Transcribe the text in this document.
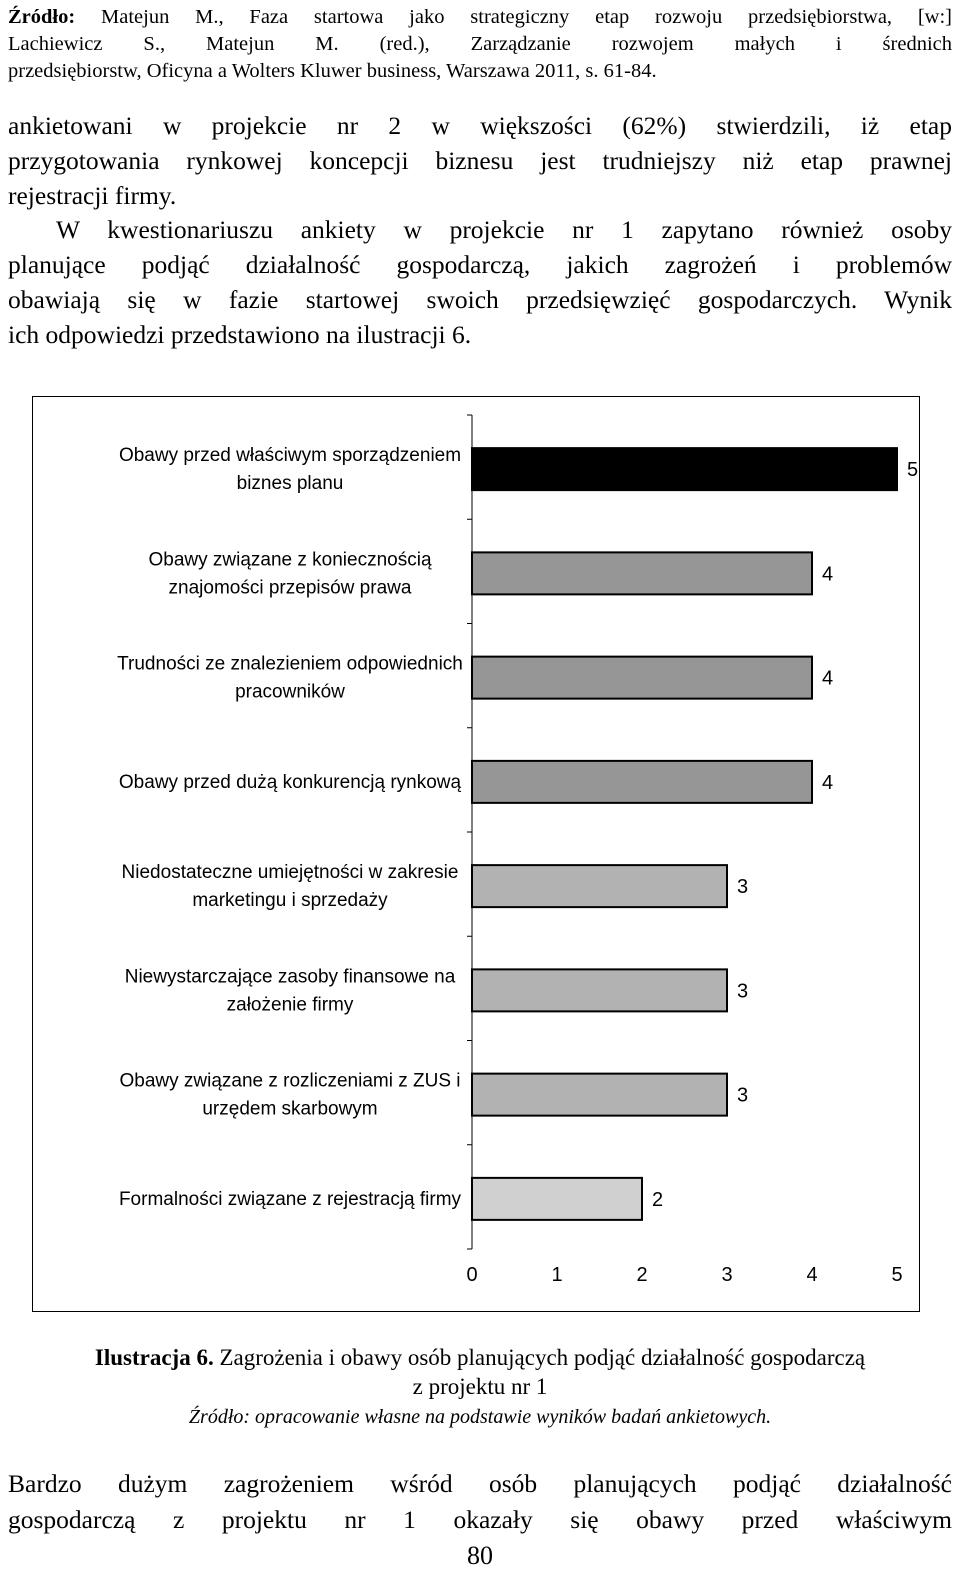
Źródło: Matejun M., Faza startowa jako strategiczny etap rozwoju przedsiębiorstwa, [w:]
Lachiewicz S., Matejun M. (red.), Zarządzanie rozwojem małych i średnich
przedsiębiorstw, Oficyna a Wolters Kluwer business, Warszawa 2011, s. 61-84.
ankietowani w projekcie nr 2 w większości (62%) stwierdzili, iż etap
przygotowania rynkowej koncepcji biznesu jest trudniejszy niż etap prawnej
rejestracji firmy.
W kwestionariuszu ankiety w projekcie nr 1 zapytano również osoby
planujące podjąć działalność gospodarczą, jakich zagrożeń i problemów
obawiają się w fazie startowej swoich przedsięwzięć gospodarczych. Wynik
ich odpowiedzi przedstawiono na ilustracji 6.
5
Obawy przed właściwym sporządzeniem
biznes planu
4
Obawy związane z koniecznością
znajomości przepisów prawa
4
Trudności ze znalezieniem odpowiednich
pracowników
4
Obawy przed dużą konkurencją rynkową
3
Niedostateczne umiejętności w zakresie
marketingu i sprzedaży
3
Niewystarczające zasoby finansowe na
założenie firmy
3
Obawy związane z rozliczeniami z ZUS i
urzędem skarbowym
2
Formalności związane z rejestracją firmy
0	1	2	3	4	5
Ilustracja 6. Zagrożenia i obawy osób planujących podjąć działalność gospodarczą
z projektu nr 1
Źródło: opracowanie własne na podstawie wyników badań ankietowych.
Bardzo dużym zagrożeniem wśród osób planujących podjąć działalność
gospodarczą z projektu nr 1 okazały się obawy przed właściwym
80
